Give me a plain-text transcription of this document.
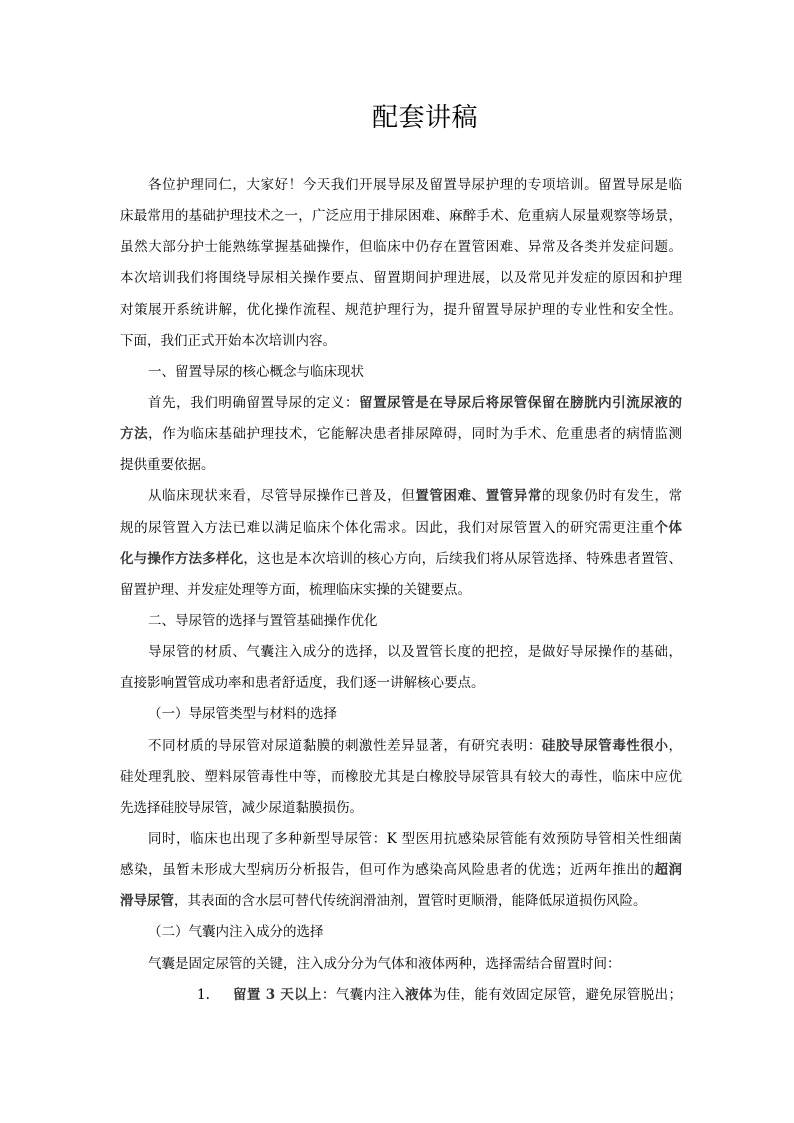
配套讲稿
各位护理同仁，大家好！今天我们开展导尿及留置导尿护理的专项培训。留置导尿是临
床最常用的基础护理技术之一，广泛应用于排尿困难、麻醉手术、危重病人尿量观察等场景，
虽然大部分护士能熟练掌握基础操作，但临床中仍存在置管困难、异常及各类并发症问题。
本次培训我们将围绕导尿相关操作要点、留置期间护理进展，以及常见并发症的原因和护理
对策展开系统讲解，优化操作流程、规范护理行为，提升留置导尿护理的专业性和安全性。
下面，我们正式开始本次培训内容。
一、留置导尿的核心概念与临床现状
首先，我们明确留置导尿的定义：留置尿管是在导尿后将尿管保留在膀胱内引流尿液的
方法，作为临床基础护理技术，它能解决患者排尿障碍，同时为手术、危重患者的病情监测
提供重要依据。
从临床现状来看，尽管导尿操作已普及，但置管困难、置管异常的现象仍时有发生，常
规的尿管置入方法已难以满足临床个体化需求。因此，我们对尿管置入的研究需更注重个体
化与操作方法多样化，这也是本次培训的核心方向，后续我们将从尿管选择、特殊患者置管、
留置护理、并发症处理等方面，梳理临床实操的关键要点。
二、导尿管的选择与置管基础操作优化
导尿管的材质、气囊注入成分的选择，以及置管长度的把控，是做好导尿操作的基础，
直接影响置管成功率和患者舒适度，我们逐一讲解核心要点。
（一）导尿管类型与材料的选择
不同材质的导尿管对尿道黏膜的刺激性差异显著，有研究表明：硅胶导尿管毒性很小，
硅处理乳胶、塑料尿管毒性中等，而橡胶尤其是白橡胶导尿管具有较大的毒性，临床中应优
先选择硅胶导尿管，减少尿道黏膜损伤。
同时，临床也出现了多种新型导尿管：K 型医用抗感染尿管能有效预防导管相关性细菌
感染，虽暂未形成大型病历分析报告，但可作为感染高风险患者的优选；近两年推出的超润
滑导尿管，其表面的含水层可替代传统润滑油剂，置管时更顺滑，能降低尿道损伤风险。
（二）气囊内注入成分的选择
气囊是固定尿管的关键，注入成分分为气体和液体两种，选择需结合留置时间：
1.	留置 3 天以上：气囊内注入液体为佳，能有效固定尿管，避免尿管脱出；
